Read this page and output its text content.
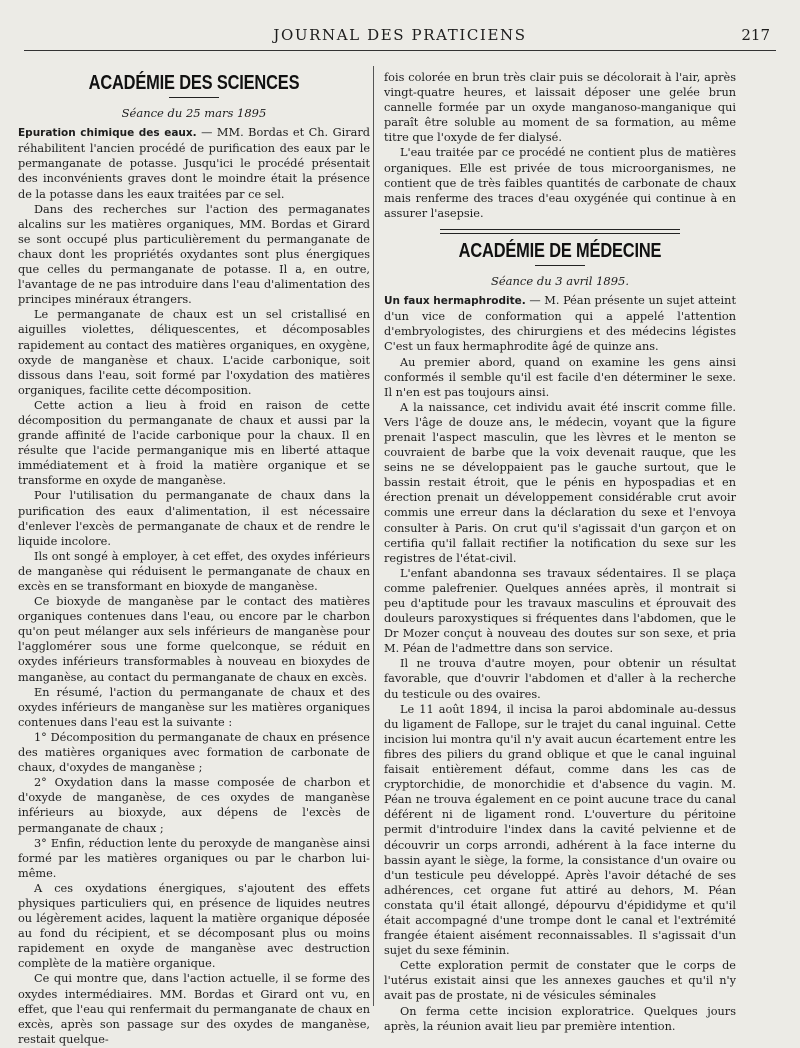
JOURNAL DES PRATICIENS	217
ACADÉMIE DES SCIENCES
Séance du 25 mars 1895

Epuration chimique des eaux. — MM. Bordas et Ch. Girard réhabilitent l'ancien procédé de purification des eaux par le permanganate de potasse. Jusqu'ici le procédé présentait des inconvénients graves dont le moindre était la présence de la potasse dans les eaux traitées par ce sel.

Dans des recherches sur l'action des permaganates alcalins sur les matières organiques, MM. Bordas et Girard se sont occupé plus particulièrement du permanganate de chaux dont les propriétés oxydantes sont plus énergiques que celles du permanganate de potasse. Il a, en outre, l'avantage de ne pas introduire dans l'eau d'alimentation des principes minéraux étrangers.

Le permanganate de chaux est un sel cristallisé en aiguilles violettes, déliquescentes, et décomposables rapidement au contact des matières organiques, en oxygène, oxyde de manganèse et chaux. L'acide carbonique, soit dissous dans l'eau, soit formé par l'oxydation des matières organiques, facilite cette décomposition.

Cette action a lieu à froid en raison de cette décomposition du permanganate de chaux et aussi par la grande affinité de l'acide carbonique pour la chaux. Il en résulte que l'acide permanganique mis en liberté attaque immédiatement et à froid la matière organique et se transforme en oxyde de manganèse.

Pour l'utilisation du permanganate de chaux dans la purification des eaux d'alimentation, il est nécessaire d'enlever l'excès de permanganate de chaux et de rendre le liquide incolore.

Ils ont songé à employer, à cet effet, des oxydes inférieurs de manganèse qui réduisent le permanganate de chaux en excès en se transformant en bioxyde de manganèse.

Ce bioxyde de manganèse par le contact des matières organiques contenues dans l'eau, ou encore par le charbon qu'on peut mélanger aux sels inférieurs de manganèse pour l'agglomérer sous une forme quelconque, se réduit en oxydes inférieurs transformables à nouveau en bioxydes de manganèse, au contact du permanganate de chaux en excès.

En résumé, l'action du permanganate de chaux et des oxydes inférieurs de manganèse sur les matières organiques contenues dans l'eau est la suivante :

1° Décomposition du permanganate de chaux en présence des matières organiques avec formation de carbonate de chaux, d'oxydes de manganèse ;

2° Oxydation dans la masse composée de charbon et d'oxyde de manganèse, de ces oxydes de manganèse inférieurs au bioxyde, aux dépens de l'excès de permanganate de chaux ;

3° Enfin, réduction lente du peroxyde de manganèse ainsi formé par les matières organiques ou par le charbon lui-même.

A ces oxydations énergiques, s'ajoutent des effets physiques particuliers qui, en présence de liquides neutres ou légèrement acides, laquent la matière organique déposée au fond du récipient, et se décomposant plus ou moins rapidement en oxyde de manganèse avec destruction complète de la matière organique.

Ce qui montre que, dans l'action actuelle, il se forme des oxydes intermédiaires. MM. Bordas et Girard ont vu, en effet, que l'eau qui renfermait du permanganate de chaux en excès, après son passage sur des oxydes de manganèse, restait quelque-

fois colorée en brun très clair puis se décolorait à l'air, après vingt-quatre heures, et laissait déposer une gelée brun cannelle formée par un oxyde manganoso-manganique qui paraît être soluble au moment de sa formation, au même titre que l'oxyde de fer dialysé.

L'eau traitée par ce procédé ne contient plus de matières organiques. Elle est privée de tous microorganismes, ne contient que de très faibles quantités de carbonate de chaux mais renferme des traces d'eau oxygénée qui continue à en assurer l'asepsie.

ACADÉMIE DE MÉDECINE
Séance du 3 avril 1895.

Un faux hermaphrodite. — M. Péan présente un sujet atteint d'un vice de conformation qui a appelé l'attention d'embryologistes, des chirurgiens et des médecins légistes C'est un faux hermaphrodite âgé de quinze ans.

Au premier abord, quand on examine les gens ainsi conformés il semble qu'il est facile d'en déterminer le sexe. Il n'en est pas toujours ainsi.

A la naissance, cet individu avait été inscrit comme fille. Vers l'âge de douze ans, le médecin, voyant que la figure prenait l'aspect masculin, que les lèvres et le menton se couvraient de barbe que la voix devenait rauque, que les seins ne se développaient pas le gauche surtout, que le bassin restait étroit, que le pénis en hypospadias et en érection prenait un développement considérable crut avoir commis une erreur dans la déclaration du sexe et l'envoya consulter à Paris. On crut qu'il s'agissait d'un garçon et on certifia qu'il fallait rectifier la notification du sexe sur les registres de l'état-civil.

L'enfant abandonna ses travaux sédentaires. Il se plaça comme palefrenier. Quelques années après, il montrait si peu d'aptitude pour les travaux masculins et éprouvait des douleurs paroxystiques si fréquentes dans l'abdomen, que le Dr Mozer conçut à nouveau des doutes sur son sexe, et pria M. Péan de l'admettre dans son service.

Il ne trouva d'autre moyen, pour obtenir un résultat favorable, que d'ouvrir l'abdomen et d'aller à la recherche du testicule ou des ovaires.

Le 11 août 1894, il incisa la paroi abdominale au-dessus du ligament de Fallope, sur le trajet du canal inguinal. Cette incision lui montra qu'il n'y avait aucun écartement entre les fibres des piliers du grand oblique et que le canal inguinal faisait entièrement défaut, comme dans les cas de cryptorchidie, de monorchidie et d'absence du vagin. M. Péan ne trouva également en ce point aucune trace du canal déférent ni de ligament rond. L'ouverture du péritoine permit d'introduire l'index dans la cavité pelvienne et de découvrir un corps arrondi, adhérent à la face interne du bassin ayant le siège, la forme, la consistance d'un ovaire ou d'un testicule peu développé. Après l'avoir détaché de ses adhérences, cet organe fut attiré au dehors, M. Péan constata qu'il était allongé, dépourvu d'épididyme et qu'il était accompagné d'une trompe dont le canal et l'extrémité frangée étaient aisément reconnaissables. Il s'agissait d'un sujet du sexe féminin.

Cette exploration permit de constater que le corps de l'utérus existait ainsi que les annexes gauches et qu'il n'y avait pas de prostate, ni de vésicules séminales

On ferma cette incision exploratrice. Quelques jours après, la réunion avait lieu par première intention.
